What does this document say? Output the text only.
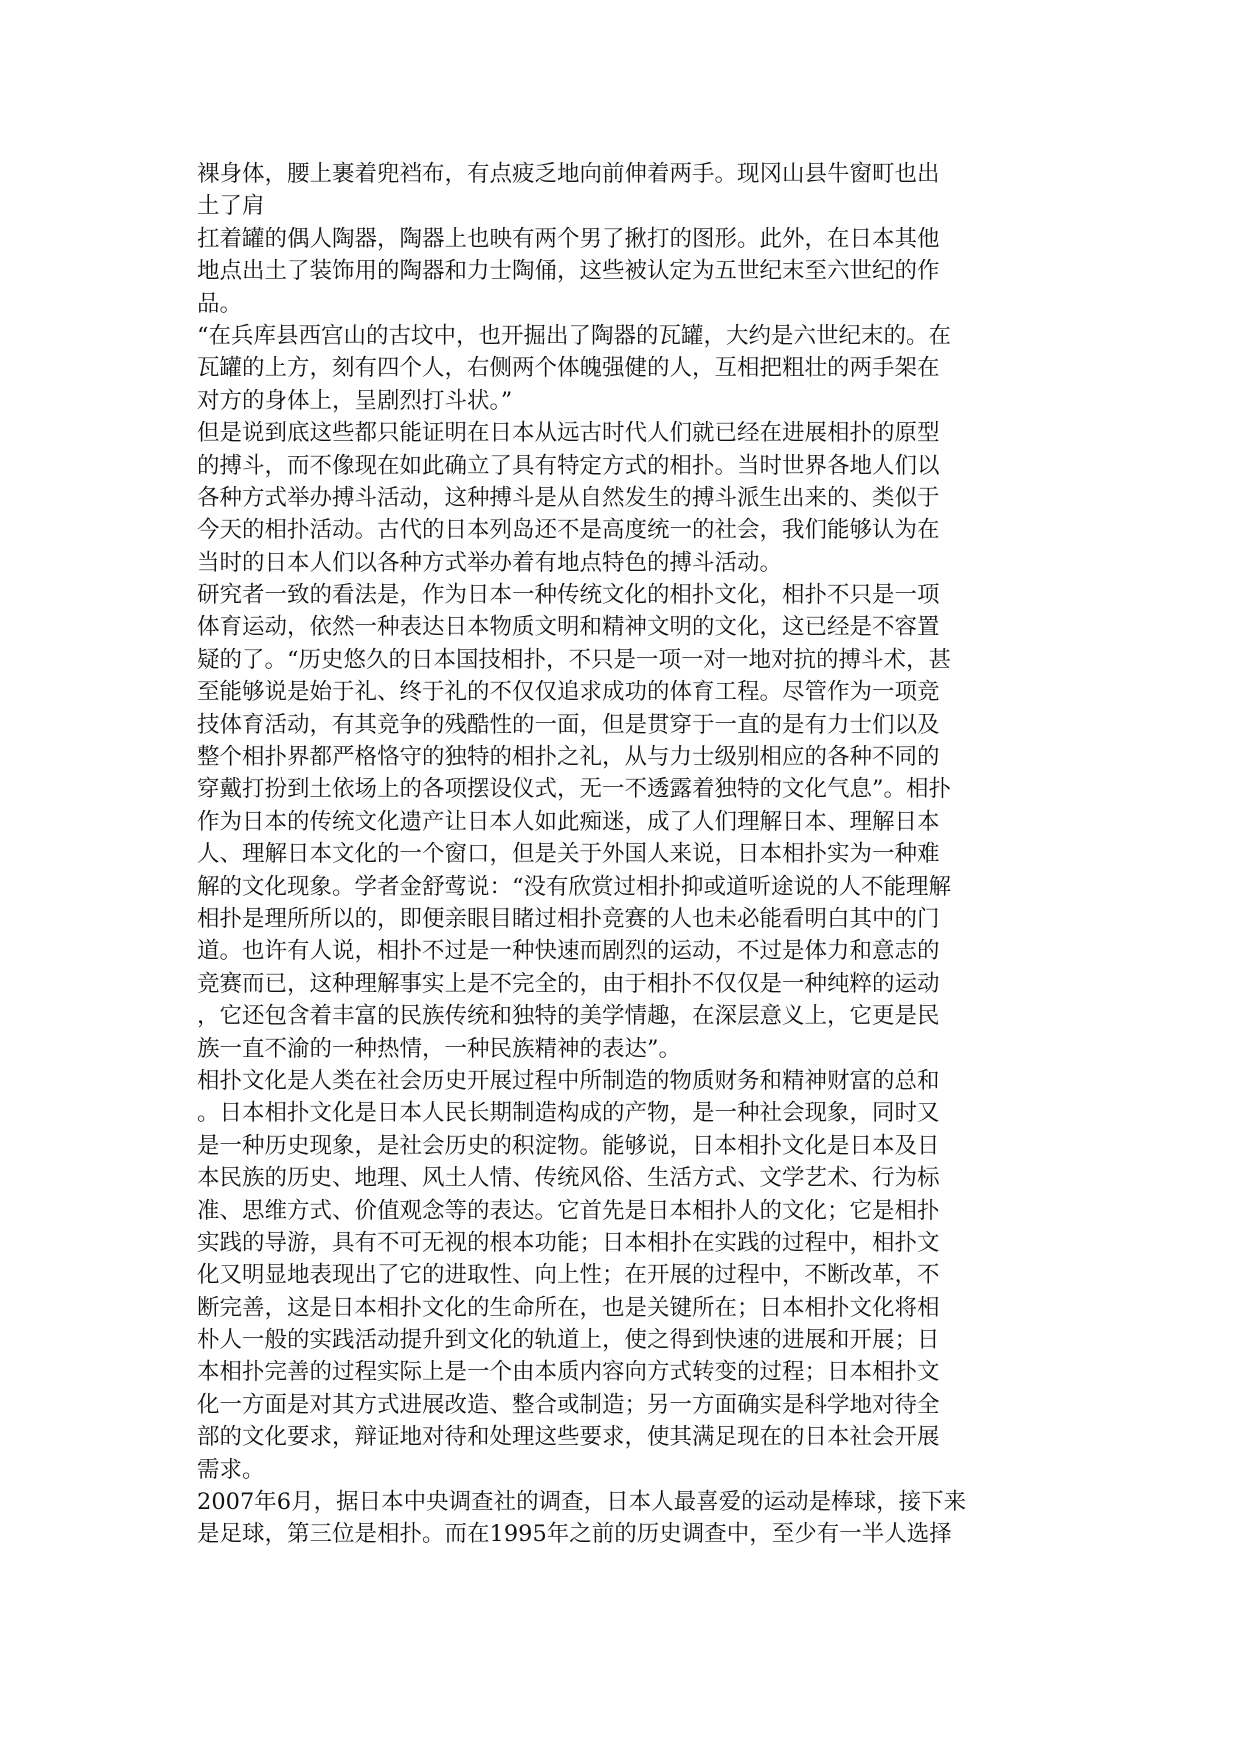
裸身体，腰上裹着兜裆布，有点疲乏地向前伸着两手。现冈山县牛窗町也出
土了肩
扛着罐的偶人陶器，陶器上也映有两个男了揪打的图形。此外，在日本其他
地点出土了装饰用的陶器和力士陶俑，这些被认定为五世纪末至六世纪的作
品。
“在兵库县西宫山的古坟中，也开掘出了陶器的瓦罐，大约是六世纪末的。在
瓦罐的上方，刻有四个人，右侧两个体魄强健的人，互相把粗壮的两手架在
对方的身体上，呈剧烈打斗状。”
但是说到底这些都只能证明在日本从远古时代人们就已经在进展相扑的原型
的搏斗，而不像现在如此确立了具有特定方式的相扑。当时世界各地人们以
各种方式举办搏斗活动，这种搏斗是从自然发生的搏斗派生出来的、类似于
今天的相扑活动。古代的日本列岛还不是高度统一的社会，我们能够认为在
当时的日本人们以各种方式举办着有地点特色的搏斗活动。
研究者一致的看法是，作为日本一种传统文化的相扑文化，相扑不只是一项
体育运动，依然一种表达日本物质文明和精神文明的文化，这已经是不容置
疑的了。“历史悠久的日本国技相扑，不只是一项一对一地对抗的搏斗术，甚
至能够说是始于礼、终于礼的不仅仅追求成功的体育工程。尽管作为一项竞
技体育活动，有其竞争的残酷性的一面，但是贯穿于一直的是有力士们以及
整个相扑界都严格恪守的独特的相扑之礼，从与力士级别相应的各种不同的
穿戴打扮到土依场上的各项摆设仪式，无一不透露着独特的文化气息”。相扑
作为日本的传统文化遗产让日本人如此痴迷，成了人们理解日本、理解日本
人、理解日本文化的一个窗口，但是关于外国人来说，日本相扑实为一种难
解的文化现象。学者金舒莺说：“没有欣赏过相扑抑或道听途说的人不能理解
相扑是理所所以的，即便亲眼目睹过相扑竞赛的人也未必能看明白其中的门
道。也许有人说，相扑不过是一种快速而剧烈的运动，不过是体力和意志的
竞赛而已，这种理解事实上是不完全的，由于相扑不仅仅是一种纯粹的运动
，它还包含着丰富的民族传统和独特的美学情趣，在深层意义上，它更是民
族一直不渝的一种热情，一种民族精神的表达”。
相扑文化是人类在社会历史开展过程中所制造的物质财务和精神财富的总和
。日本相扑文化是日本人民长期制造构成的产物，是一种社会现象，同时又
是一种历史现象，是社会历史的积淀物。能够说，日本相扑文化是日本及日
本民族的历史、地理、风土人情、传统风俗、生活方式、文学艺术、行为标
准、思维方式、价值观念等的表达。它首先是日本相扑人的文化；它是相扑
实践的导游，具有不可无视的根本功能；日本相扑在实践的过程中，相扑文
化又明显地表现出了它的进取性、向上性；在开展的过程中，不断改革，不
断完善，这是日本相扑文化的生命所在，也是关键所在；日本相扑文化将相
朴人一般的实践活动提升到文化的轨道上，使之得到快速的进展和开展；日
本相扑完善的过程实际上是一个由本质内容向方式转变的过程；日本相扑文
化一方面是对其方式进展改造、整合或制造；另一方面确实是科学地对待全
部的文化要求，辩证地对待和处理这些要求，使其满足现在的日本社会开展
需求。
2007年6月，据日本中央调查社的调查，日本人最喜爱的运动是棒球，接下来
是足球，第三位是相扑。而在1995年之前的历史调查中，至少有一半人选择
